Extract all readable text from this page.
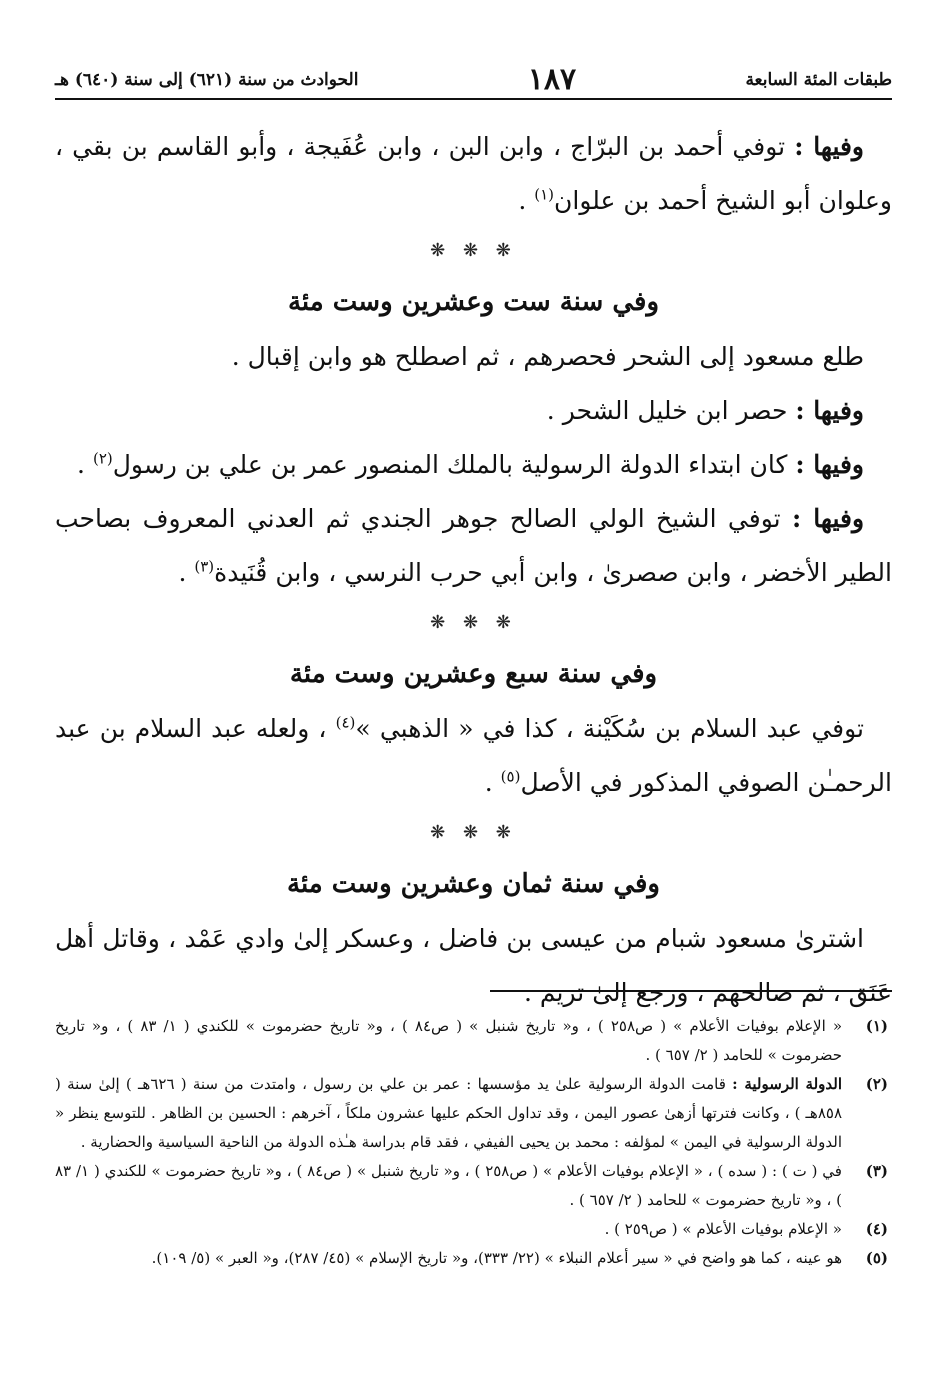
طبقات المئة السابعة
١٨٧
الحوادث من سنة (٦٢١) إلى سنة (٦٤٠) هـ

وفيها : توفي أحمد بن البرّاج ، وابن البن ، وابن عُفَيجة ، وأبو القاسم بن بقي ، وعلوان أبو الشيخ أحمد بن علوان$^{(١)}$ .

❋ ❋ ❋
وفي سنة ست وعشرين وست مئة

طلع مسعود إلى الشحر فحصرهم ، ثم اصطلح هو وابن إقبال .

وفيها : حصر ابن خليل الشحر .

وفيها : كان ابتداء الدولة الرسولية بالملك المنصور عمر بن علي بن رسول$^{(٢)}$ .

وفيها : توفي الشيخ الولي الصالح جوهر الجندي ثم العدني المعروف بصاحب الطير الأخضر ، وابن صصرىٰ ، وابن أبي حرب النرسي ، وابن قُنَيدة$^{(٣)}$ .

❋ ❋ ❋
وفي سنة سبع وعشرين وست مئة

توفي عبد السلام بن سُكَيْنة ، كذا في « الذهبي »$^{(٤)}$ ، ولعله عبد السلام بن عبد الرحمـٰن الصوفي المذكور في الأصل$^{(٥)}$ .

❋ ❋ ❋
وفي سنة ثمان وعشرين وست مئة

اشترىٰ مسعود شبام من عيسى بن فاضل ، وعسكر إلىٰ وادي عَمْد ، وقاتل أهل عَنَق ، ثم صالحهم ، ورجع إلىٰ تريم .

(١)
« الإعلام بوفيات الأعلام » ( ص٢٥٨ ) ، و« تاريخ شنبل » ( ص٨٤ ) ، و« تاريخ حضرموت » للكندي ( ١/ ٨٣ ) ، و« تاريخ حضرموت » للحامد ( ٢/ ٦٥٧ ) .
(٢)
الدولة الرسولية : قامت الدولة الرسولية علىٰ يد مؤسسها : عمر بن علي بن رسول ، وامتدت من سنة ( ٦٢٦هـ ) إلىٰ سنة ( ٨٥٨هـ ) ، وكانت فترتها أزهىٰ عصور اليمن ، وقد تداول الحكم عليها عشرون ملكاً ، آخرهم : الحسين بن الظاهر . للتوسع ينظر « الدولة الرسولية في اليمن » لمؤلفه : محمد بن يحيى الفيفي ، فقد قام بدراسة هـٰذه الدولة من الناحية السياسية والحضارية .
(٣)
في ( ت ) : ( سده ) ، « الإعلام بوفيات الأعلام » ( ص٢٥٨ ) ، و« تاريخ شنبل » ( ص٨٤ ) ، و« تاريخ حضرموت » للكندي ( ١/ ٨٣ ) ، و« تاريخ حضرموت » للحامد ( ٢/ ٦٥٧ ) .
(٤)
« الإعلام بوفيات الأعلام » ( ص٢٥٩ ) .
(٥)
هو عينه ، كما هو واضح في « سير أعلام النبلاء » (٢٢/ ٣٣٣)، و« تاريخ الإسلام » (٤٥/ ٢٨٧)، و« العبر » (٥/ ١٠٩).
